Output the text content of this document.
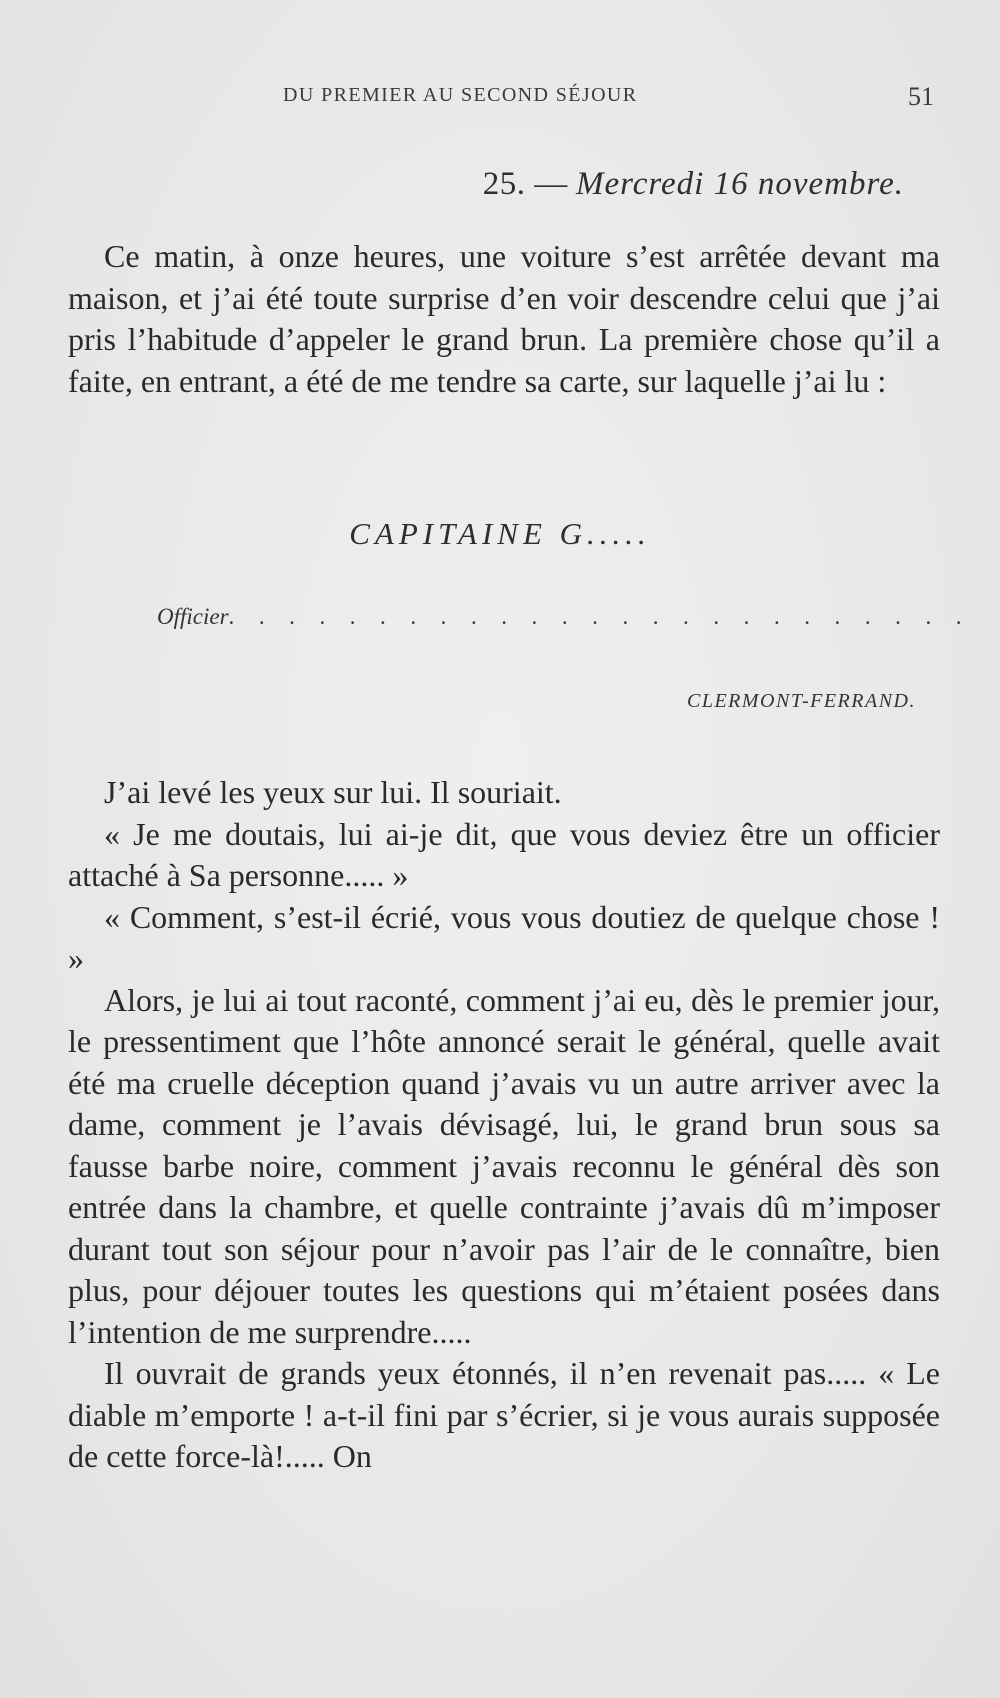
DU PREMIER AU SECOND SÉJOUR	51
25. — Mercredi 16 novembre.

Ce matin, à onze heures, une voiture s’est arrêtée devant ma maison, et j’ai été toute surprise d’en voir descendre celui que j’ai pris l’habitude d’appeler le grand brun. La première chose qu’il a faite, en entrant, a été de me tendre sa carte, sur laquelle j’ai lu :

CAPITAINE G.....
Officier. . . . . . . . . . . . . . . . . . . . . . . . .
CLERMONT-FERRAND.

J’ai levé les yeux sur lui. Il souriait.

« Je me doutais, lui ai-je dit, que vous deviez être un officier attaché à Sa personne..... »

« Comment, s’est-il écrié, vous vous doutiez de quelque chose ! »

Alors, je lui ai tout raconté, comment j’ai eu, dès le premier jour, le pressentiment que l’hôte annoncé serait le général, quelle avait été ma cruelle déception quand j’avais vu un autre arriver avec la dame, comment je l’avais dévisagé, lui, le grand brun sous sa fausse barbe noire, comment j’avais reconnu le général dès son entrée dans la chambre, et quelle contrainte j’avais dû m’imposer durant tout son séjour pour n’avoir pas l’air de le connaître, bien plus, pour déjouer toutes les questions qui m’étaient posées dans l’intention de me surprendre.....

Il ouvrait de grands yeux étonnés, il n’en revenait pas..... « Le diable m’emporte ! a-t-il fini par s’écrier, si je vous aurais supposée de cette force-là!..... On
